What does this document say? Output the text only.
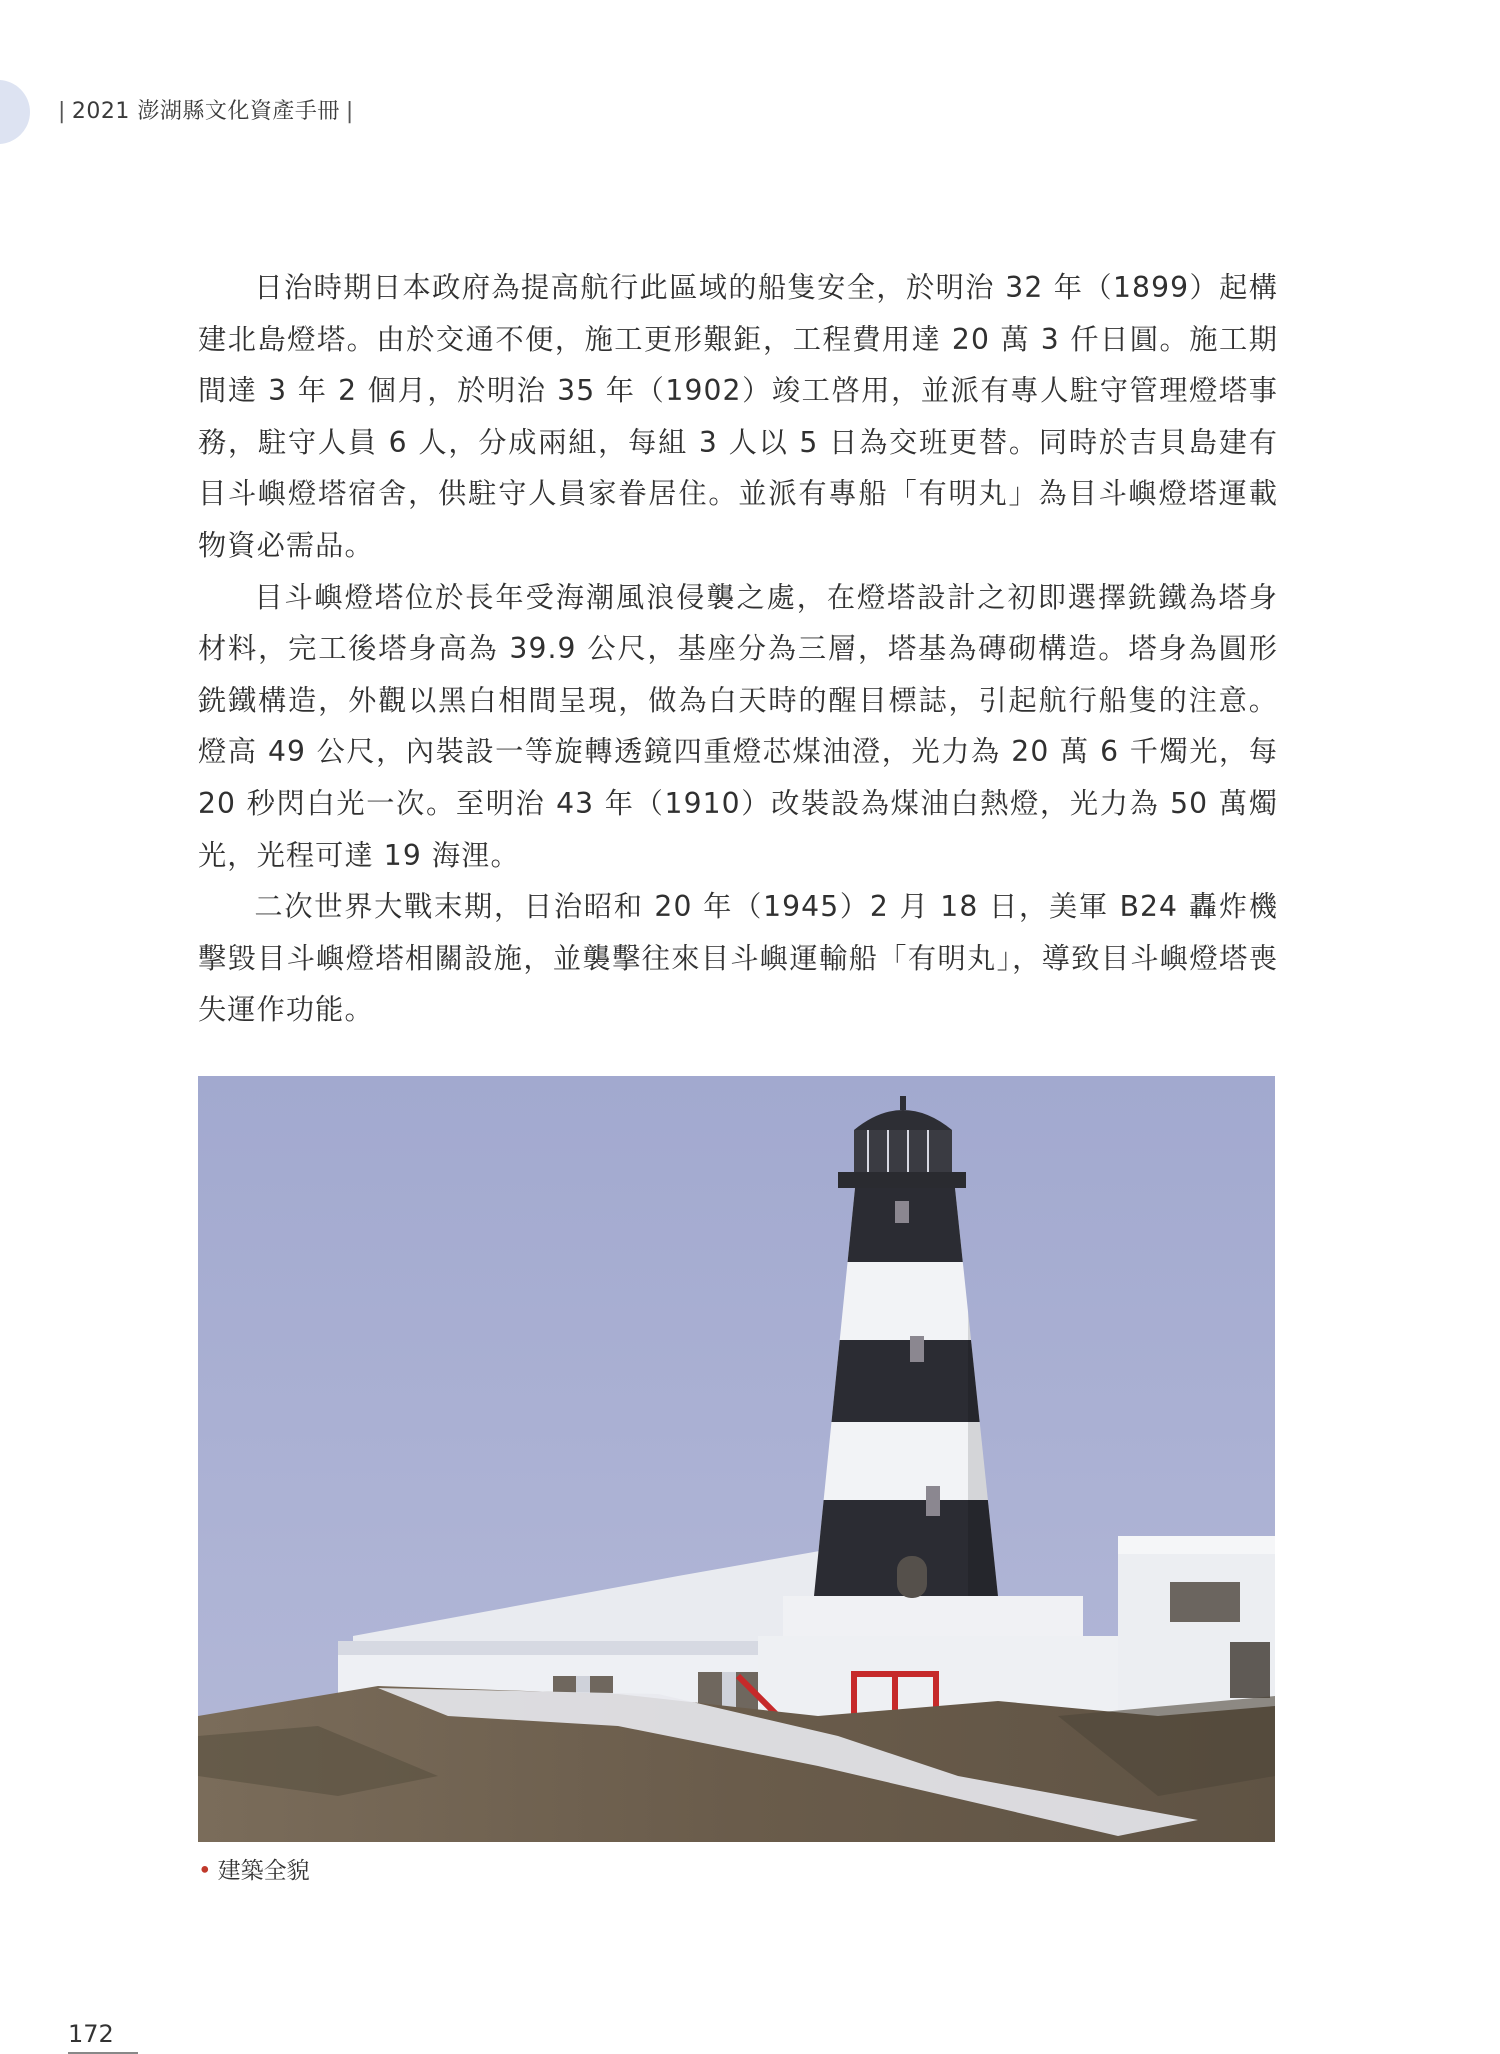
| 2021 澎湖縣文化資產手冊 |

日治時期日本政府為提高航行此區域的船隻安全，於明治 32 年（1899）起構建北島燈塔。由於交通不便，施工更形艱鉅，工程費用達 20 萬 3 仟日圓。施工期間達 3 年 2 個月，於明治 35 年（1902）竣工啓用，並派有專人駐守管理燈塔事務，駐守人員 6 人，分成兩組，每組 3 人以 5 日為交班更替。同時於吉貝島建有目斗嶼燈塔宿舍，供駐守人員家眷居住。並派有專船「有明丸」為目斗嶼燈塔運載物資必需品。

目斗嶼燈塔位於長年受海潮風浪侵襲之處，在燈塔設計之初即選擇銑鐵為塔身材料，完工後塔身高為 39.9 公尺，基座分為三層，塔基為磚砌構造。塔身為圓形銑鐵構造，外觀以黑白相間呈現，做為白天時的醒目標誌，引起航行船隻的注意。燈高 49 公尺，內裝設一等旋轉透鏡四重燈芯煤油澄，光力為 20 萬 6 千燭光，每 20 秒閃白光一次。至明治 43 年（1910）改裝設為煤油白熱燈，光力為 50 萬燭光，光程可達 19 海浬。

二次世界大戰末期，日治昭和 20 年（1945）2 月 18 日，美軍 B24 轟炸機擊毀目斗嶼燈塔相關設施，並襲擊往來目斗嶼運輸船「有明丸」，導致目斗嶼燈塔喪失運作功能。

• 建築全貌
172
